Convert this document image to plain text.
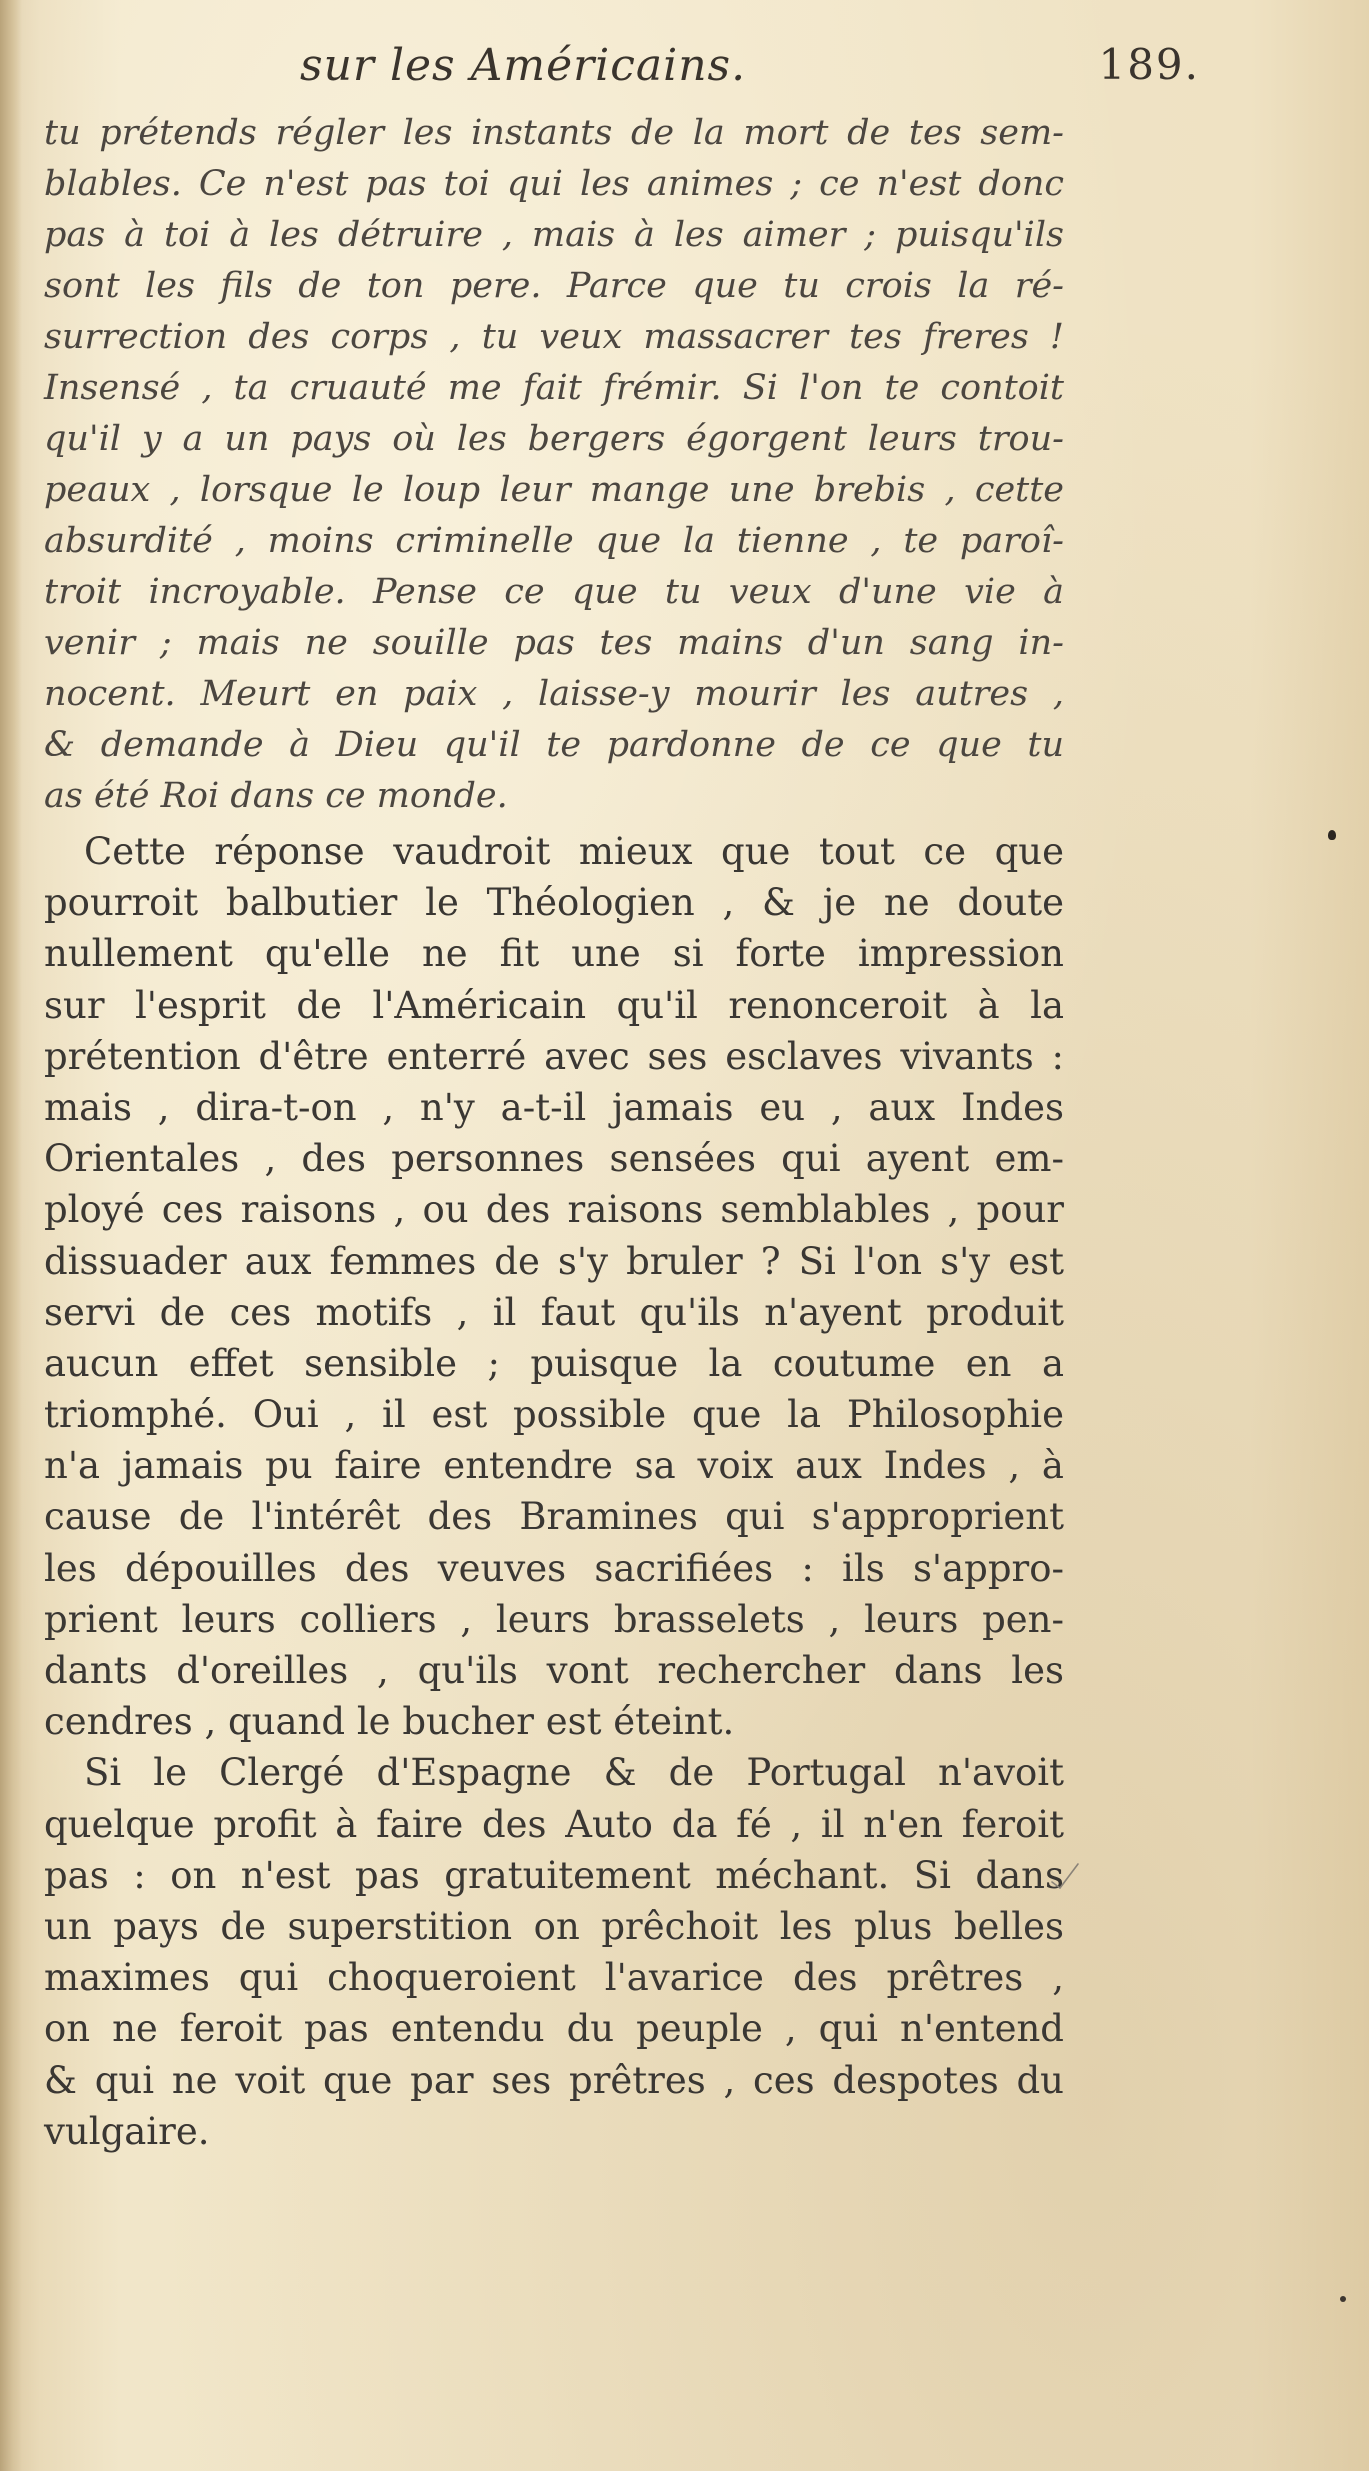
sur les Américains.	189.
tu prétends régler les instants de la mort de tes sem-
blables. Ce n'est pas toi qui les animes ; ce n'est donc
pas à toi à les détruire , mais à les aimer ; puisqu'ils
sont les fils de ton pere. Parce que tu crois la ré-
surrection des corps , tu veux massacrer tes freres !
Insensé , ta cruauté me fait frémir. Si l'on te contoit
qu'il y a un pays où les bergers égorgent leurs trou-
peaux , lorsque le loup leur mange une brebis , cette
absurdité , moins criminelle que la tienne , te paroî-
troit incroyable. Pense ce que tu veux d'une vie à
venir ; mais ne souille pas tes mains d'un sang in-
nocent. Meurt en paix , laisse-y mourir les autres ,
& demande à Dieu qu'il te pardonne de ce que tu
as été Roi dans ce monde.
Cette réponse vaudroit mieux que tout ce que
pourroit balbutier le Théologien , & je ne doute
nullement qu'elle ne fit une si forte impression
sur l'esprit de l'Américain qu'il renonceroit à la
prétention d'être enterré avec ses esclaves vivants :
mais , dira-t-on , n'y a-t-il jamais eu , aux Indes
Orientales , des personnes sensées qui ayent em-
ployé ces raisons , ou des raisons semblables , pour
dissuader aux femmes de s'y bruler ? Si l'on s'y est
servi de ces motifs , il faut qu'ils n'ayent produit
aucun effet sensible ; puisque la coutume en a
triomphé. Oui , il est possible que la Philosophie
n'a jamais pu faire entendre sa voix aux Indes , à
cause de l'intérêt des Bramines qui s'approprient
les dépouilles des veuves sacrifiées : ils s'appro-
prient leurs colliers , leurs brasselets , leurs pen-
dants d'oreilles , qu'ils vont rechercher dans les
cendres , quand le bucher est éteint.
Si le Clergé d'Espagne & de Portugal n'avoit
quelque profit à faire des Auto da fé , il n'en feroit
pas : on n'est pas gratuitement méchant. Si dans
un pays de superstition on prêchoit les plus belles
maximes qui choqueroient l'avarice des prêtres ,
on ne feroit pas entendu du peuple , qui n'entend
& qui ne voit que par ses prêtres , ces despotes du
vulgaire.
